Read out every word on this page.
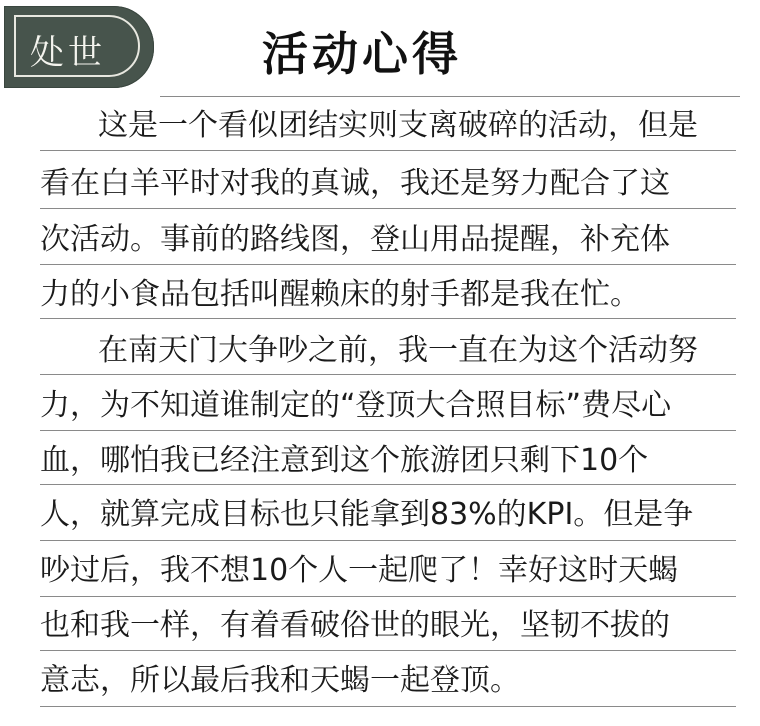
处世	活动心得
这是一个看似团结实则支离破碎的活动，但是
看在白羊平时对我的真诚，我还是努力配合了这
次活动。事前的路线图，登山用品提醒，补充体
力的小食品包括叫醒赖床的射手都是我在忙。
在南天门大争吵之前，我一直在为这个活动努
力，为不知道谁制定的“登顶大合照目标”费尽心
血，哪怕我已经注意到这个旅游团只剩下10个
人，就算完成目标也只能拿到83%的KPI。但是争
吵过后，我不想10个人一起爬了！幸好这时天蝎
也和我一样，有着看破俗世的眼光，坚韧不拔的
意志，所以最后我和天蝎一起登顶。
